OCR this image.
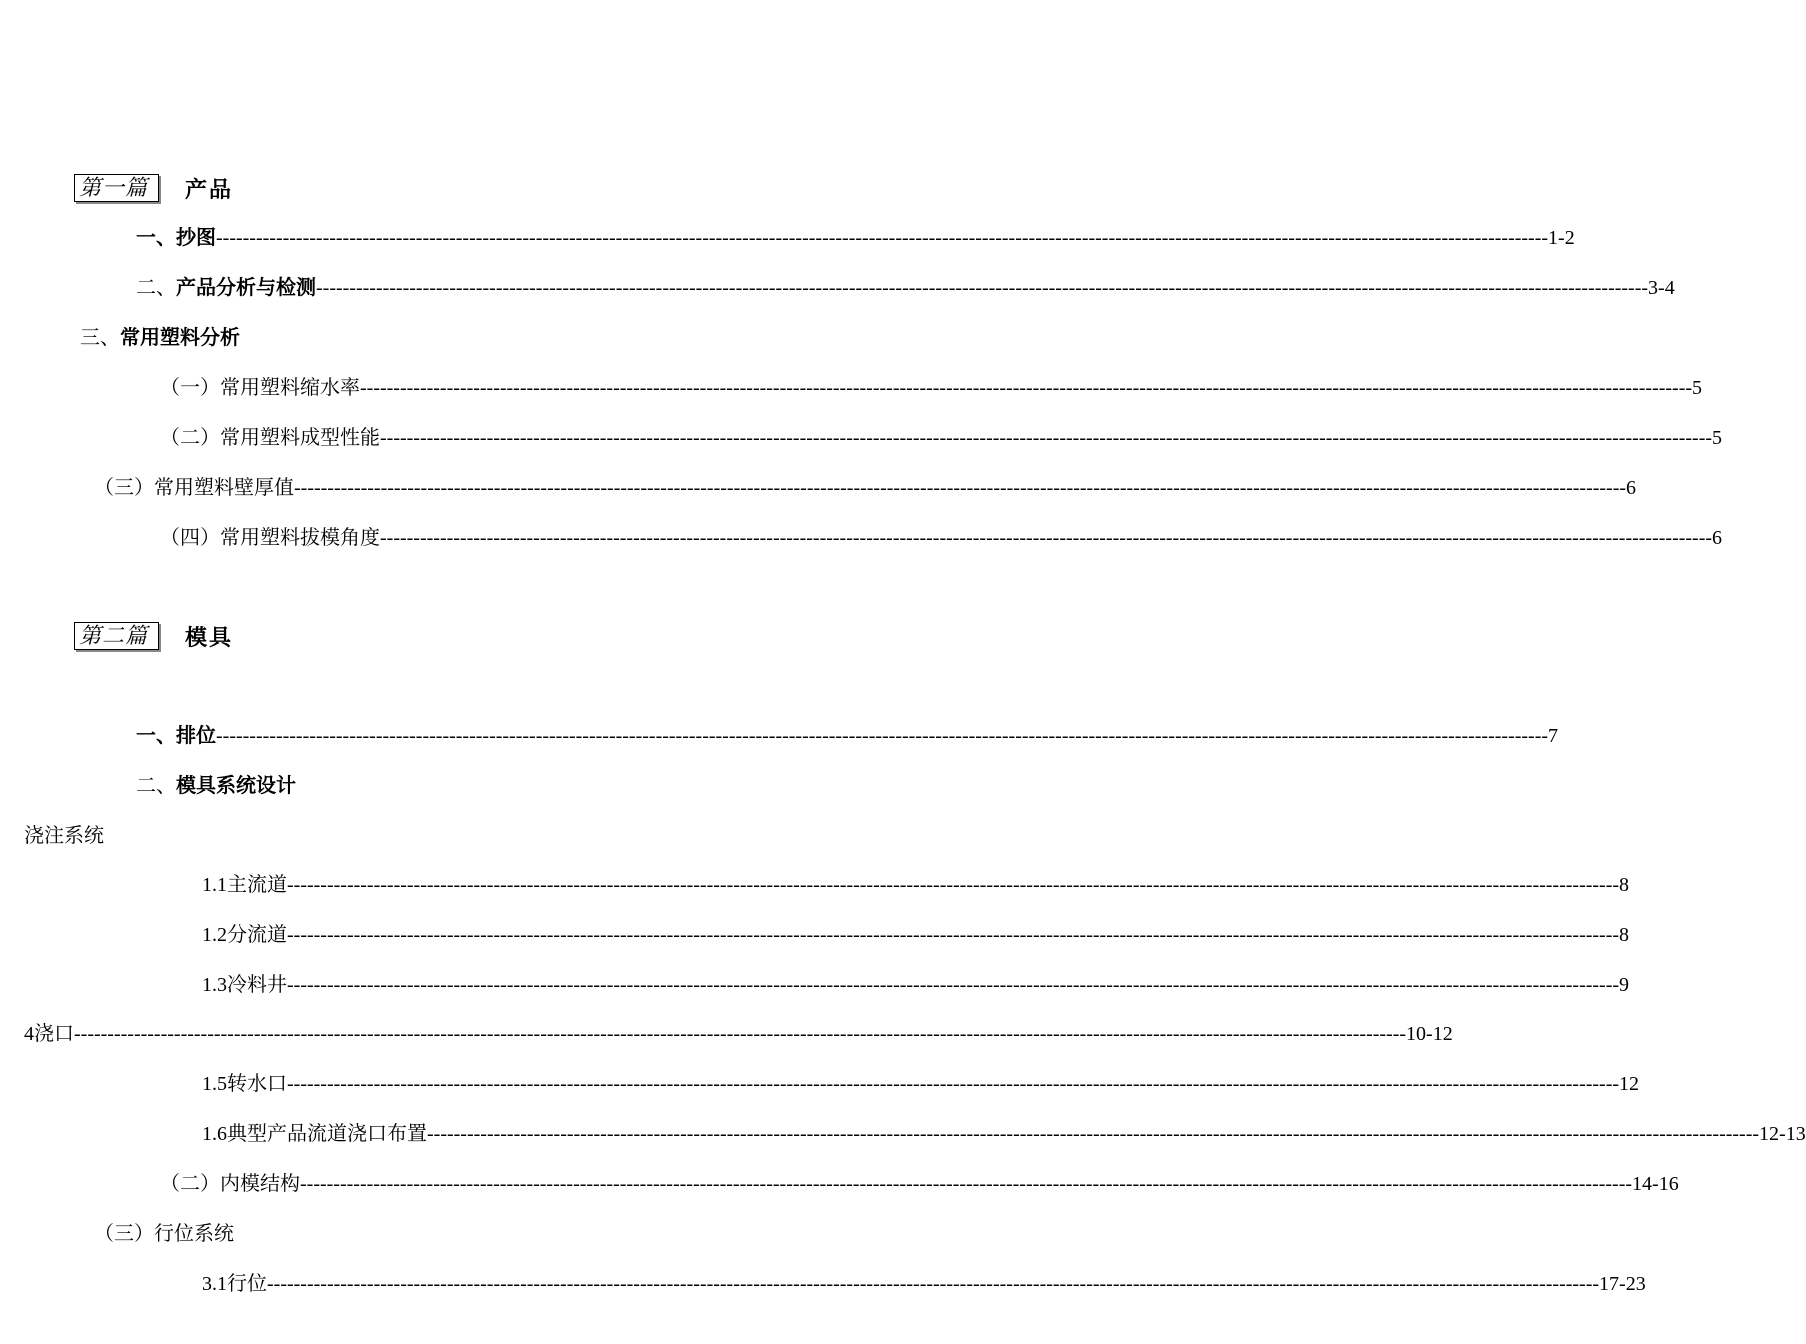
第一篇	产品
一、 抄图 -------------------------------------------------------------------------------------------------------------------------------------------------------------------------------------------------------- 1-2
二、 产品分析与检测 -------------------------------------------------------------------------------------------------------------------------------------------------------------------------------------------------------- 3-4
三、 常用塑料分析
（一） 常用塑料缩水率 -------------------------------------------------------------------------------------------------------------------------------------------------------------------------------------------------------- 5
（二） 常用塑料成型性能 -------------------------------------------------------------------------------------------------------------------------------------------------------------------------------------------------------- 5
（三） 常用塑料壁厚值 -------------------------------------------------------------------------------------------------------------------------------------------------------------------------------------------------------- 6
（四） 常用塑料拔模角度 -------------------------------------------------------------------------------------------------------------------------------------------------------------------------------------------------------- 6
第二篇	模具
一、 排位 -------------------------------------------------------------------------------------------------------------------------------------------------------------------------------------------------------- 7
二、 模具系统设计
浇注系统
1.1 主流道 -------------------------------------------------------------------------------------------------------------------------------------------------------------------------------------------------------- 8
1.2 分流道 -------------------------------------------------------------------------------------------------------------------------------------------------------------------------------------------------------- 8
1.3 冷料井 -------------------------------------------------------------------------------------------------------------------------------------------------------------------------------------------------------- 9
4 浇口 -------------------------------------------------------------------------------------------------------------------------------------------------------------------------------------------------------- 10-12
1.5 转水口 -------------------------------------------------------------------------------------------------------------------------------------------------------------------------------------------------------- 12
1.6 典型产品流道浇口布置 -------------------------------------------------------------------------------------------------------------------------------------------------------------------------------------------------------- 12-13
（二） 内模结构 -------------------------------------------------------------------------------------------------------------------------------------------------------------------------------------------------------- 14-16
（三） 行位系统
3.1 行位 -------------------------------------------------------------------------------------------------------------------------------------------------------------------------------------------------------- 17-23
